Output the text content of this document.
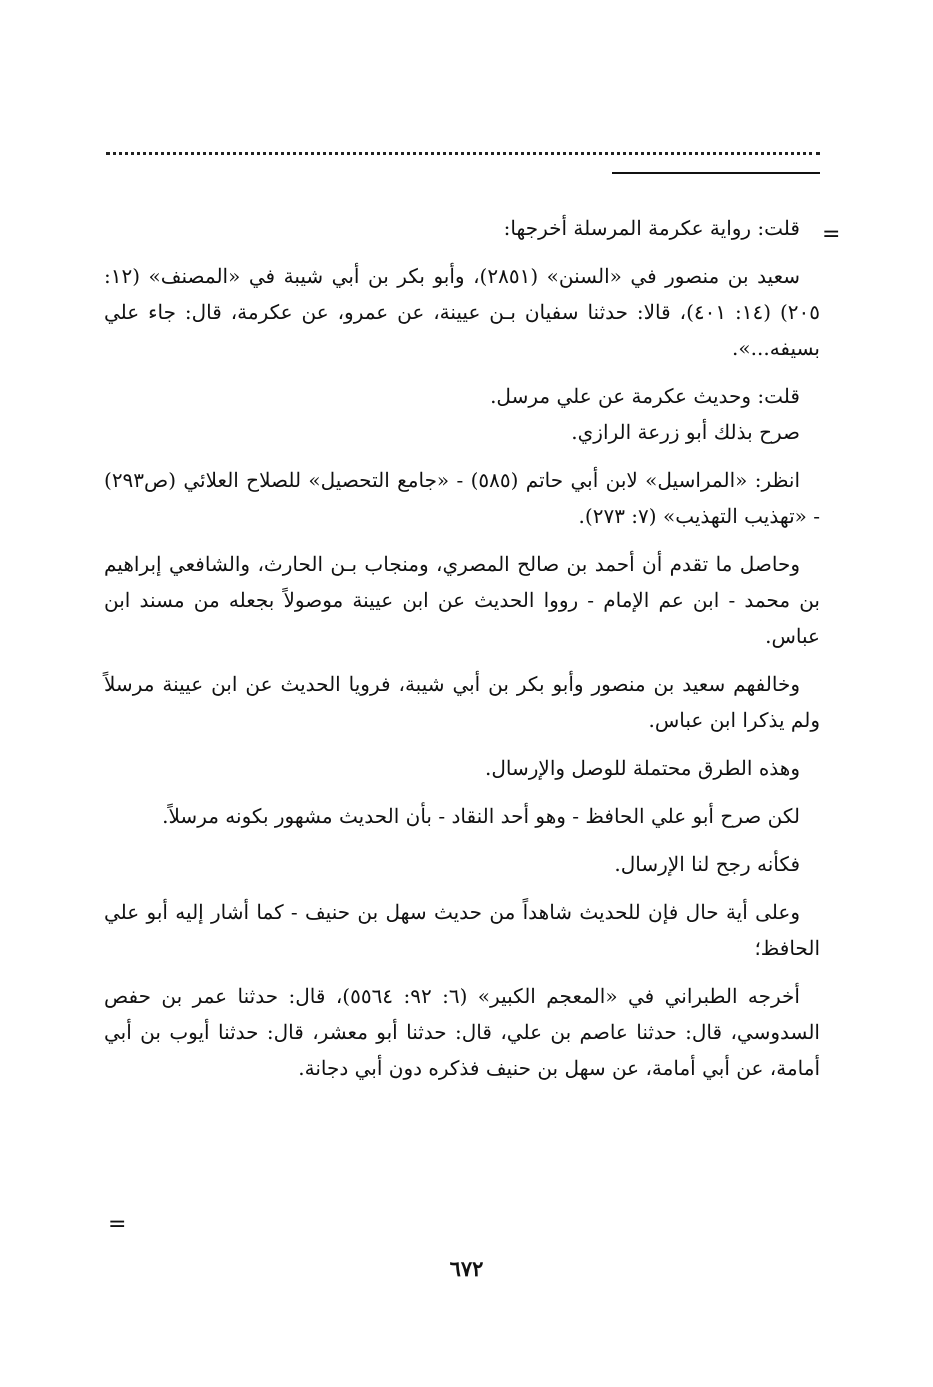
=

قلت: رواية عكرمة المرسلة أخرجها:

سعيد بن منصور في «السنن» (٢٨٥١)، وأبو بكر بن أبي شيبة في «المصنف» (١٢: ٢٠٥) (١٤: ٤٠١)، قالا: حدثنا سفيان بـن عيينة، عن عمرو، عن عكرمة، قال: جاء علي بسيفه...».

قلت: وحديث عكرمة عن علي مرسل.

صرح بذلك أبو زرعة الرازي.

انظر: «المراسيل» لابن أبي حاتم (٥٨٥) - «جامع التحصيل» للصلاح العلائي (ص٢٩٣) - «تهذيب التهذيب» (٧: ٢٧٣).

وحاصل ما تقدم أن أحمد بن صالح المصري، ومنجاب بـن الحارث، والشافعي إبراهيم بن محمد - ابن عم الإمام - رووا الحديث عن ابن عيينة موصولاً بجعله من مسند ابن عباس.

وخالفهم سعيد بن منصور وأبو بكر بن أبي شيبة، فرويا الحديث عن ابن عيينة مرسلاً ولم يذكرا ابن عباس.

وهذه الطرق محتملة للوصل والإرسال.

لكن صرح أبو علي الحافظ - وهو أحد النقاد - بأن الحديث مشهور بكونه مرسلاً.

فكأنه رجح لنا الإرسال.

وعلى أية حال فإن للحديث شاهداً من حديث سهل بن حنيف - كما أشار إليه أبو علي الحافظ؛

أخرجه الطبراني في «المعجم الكبير» (٦: ٩٢: ٥٥٦٤)، قال: حدثنا عمر بن حفص السدوسي، قال: حدثنا عاصم بن علي، قال: حدثنا أبو معشر، قال: حدثنا أيوب بن أبي أمامة، عن أبي أمامة، عن سهل بن حنيف فذكره دون أبي دجانة.

=
٦٧٢
